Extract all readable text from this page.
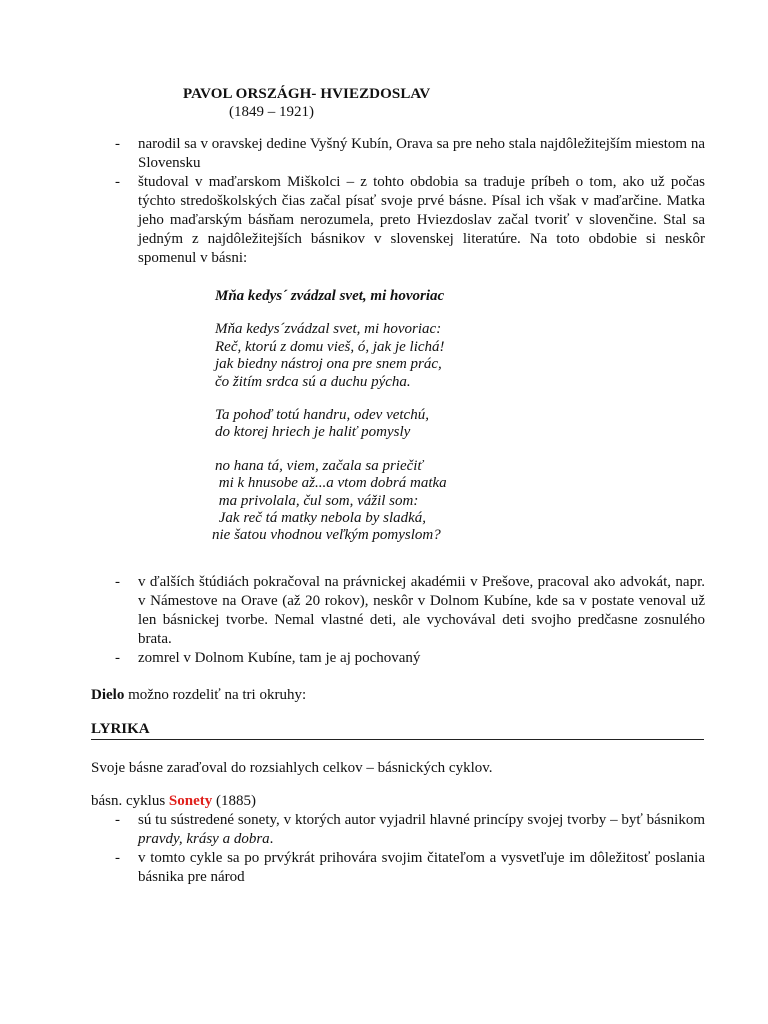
PAVOL ORSZÁGH- HVIEZDOSLAV
(1849 – 1921)
- narodil sa v oravskej dedine Vyšný Kubín, Orava sa pre neho stala najdôležitejším miestom na Slovensku
- študoval v maďarskom Miškolci – z tohto obdobia sa traduje príbeh o tom, ako už počas týchto stredoškolských čias začal písať svoje prvé básne. Písal ich však v maďarčine. Matka jeho maďarským básňam nerozumela, preto Hviezdoslav začal tvoriť v slovenčine. Stal sa jedným z najdôležitejších básnikov v slovenskej literatúre. Na toto obdobie si neskôr spomenul v básni:
Mňa kedys´ zvádzal svet, mi hovoriac
Mňa kedys´zvádzal svet, mi hovoriac:
Reč, ktorú z domu vieš, ó, jak je lichá!
jak biedny nástroj ona pre snem prác,
čo žitím srdca sú a duchu pýcha.
Ta pohoď totú handru, odev vetchú,
do ktorej hriech je haliť pomysly
no hana tá, viem, začala sa priečiť
mi k hnusobe až...a vtom dobrá matka
ma privolala, čul som, vážil som:
Jak reč tá matky nebola by sladká,
nie šatou vhodnou veľkým pomyslom?
- v ďalších štúdiách pokračoval na právnickej akadémii v Prešove, pracoval ako advokát, napr. v Námestove na Orave (až 20 rokov), neskôr v Dolnom Kubíne, kde sa v postate venoval už len básnickej tvorbe. Nemal vlastné deti, ale vychovával deti svojho predčasne zosnulého brata.
- zomrel v Dolnom Kubíne, tam je aj pochovaný
Dielo možno rozdeliť na tri okruhy:
LYRIKA
Svoje básne zaraďoval do rozsiahlych celkov – básnických cyklov.
básn. cyklus Sonety (1885)
- sú tu sústredené sonety, v ktorých autor vyjadril hlavné princípy svojej tvorby – byť básnikom pravdy, krásy a dobra.
- v tomto cykle sa po prvýkrát prihovára svojim čitateľom a vysvetľuje im dôležitosť poslania básnika pre národ
